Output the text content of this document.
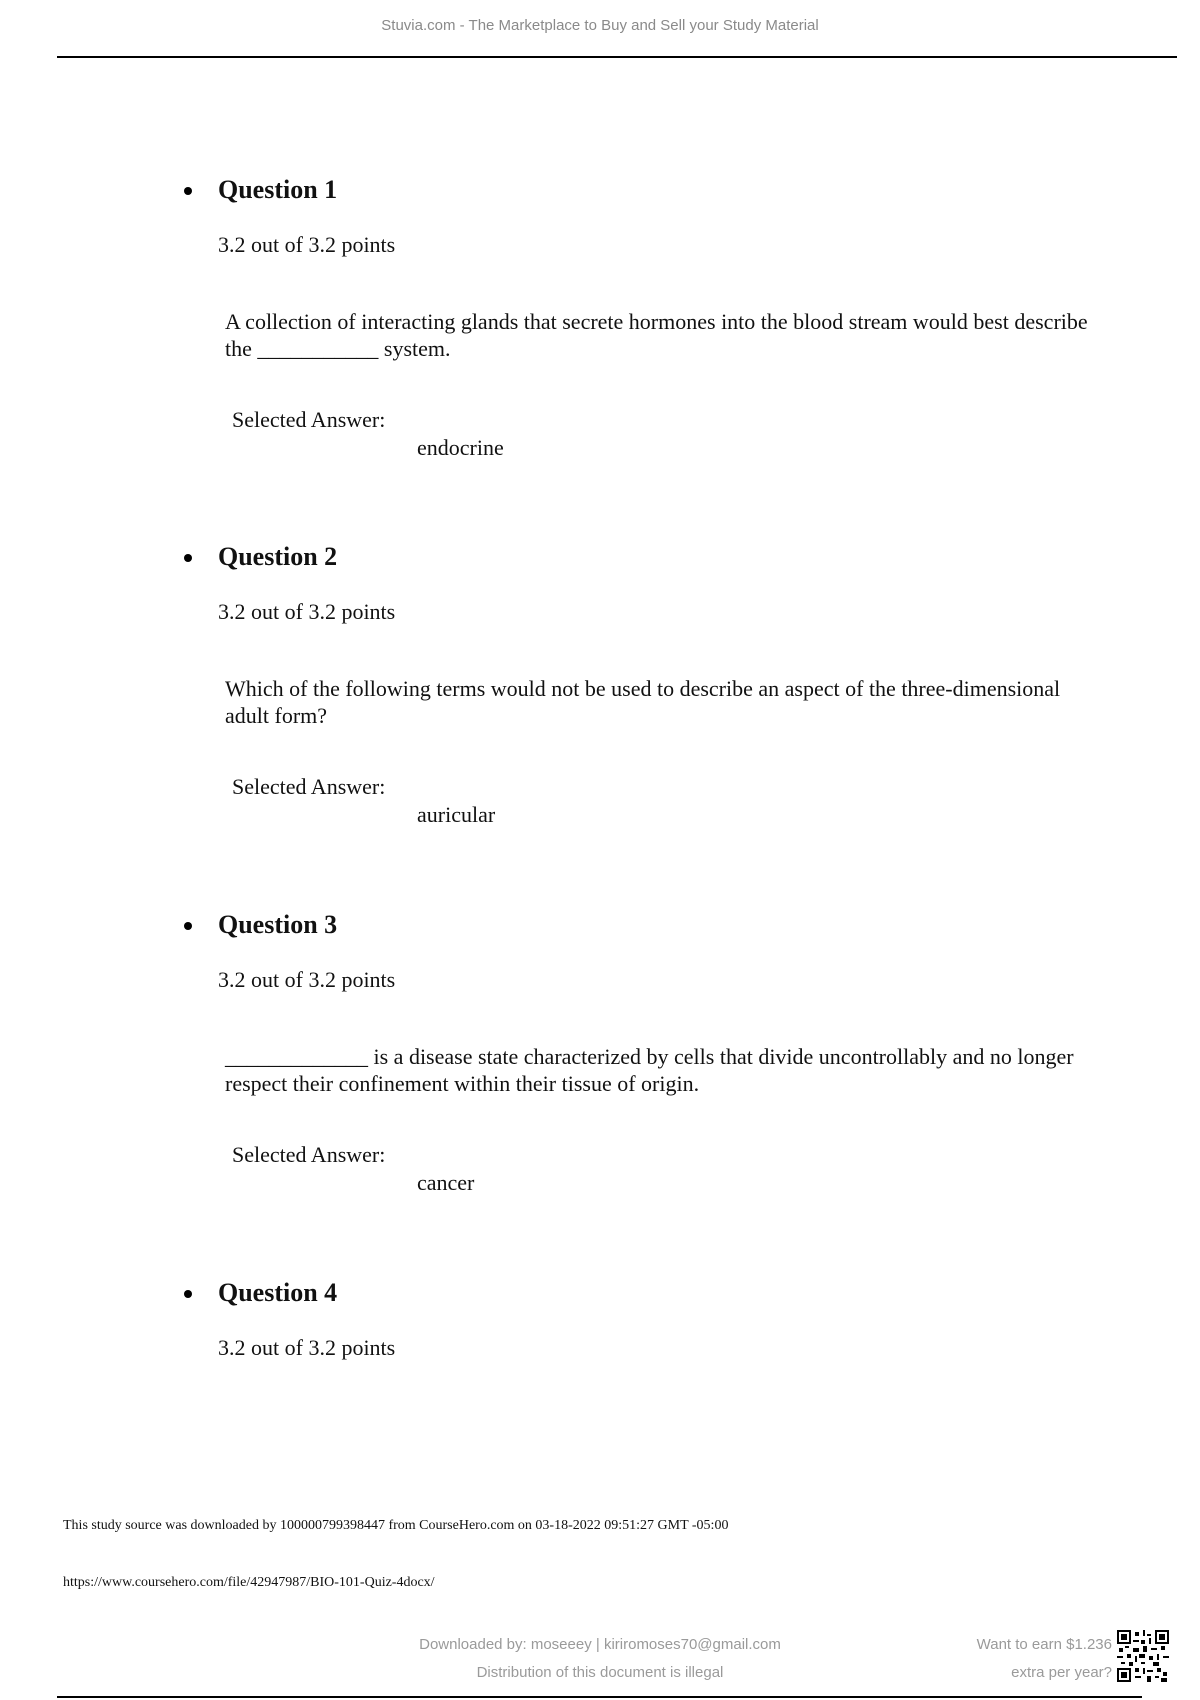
Stuvia.com - The Marketplace to Buy and Sell your Study Material
Question 1
3.2 out of 3.2 points
A collection of interacting glands that secrete hormones into the blood stream would best describe the ___________ system.
Selected Answer:
endocrine
Question 2
3.2 out of 3.2 points
Which of the following terms would not be used to describe an aspect of the three-dimensional adult form?
Selected Answer:
auricular
Question 3
3.2 out of 3.2 points
_____________ is a disease state characterized by cells that divide uncontrollably and no longer respect their confinement within their tissue of origin.
Selected Answer:
cancer
Question 4
3.2 out of 3.2 points
This study source was downloaded by 100000799398447 from CourseHero.com on 03-18-2022 09:51:27 GMT -05:00
https://www.coursehero.com/file/42947987/BIO-101-Quiz-4docx/
Downloaded by: moseeey | kiriromoses70@gmail.com
Distribution of this document is illegal
Want to earn $1.236
extra per year?
